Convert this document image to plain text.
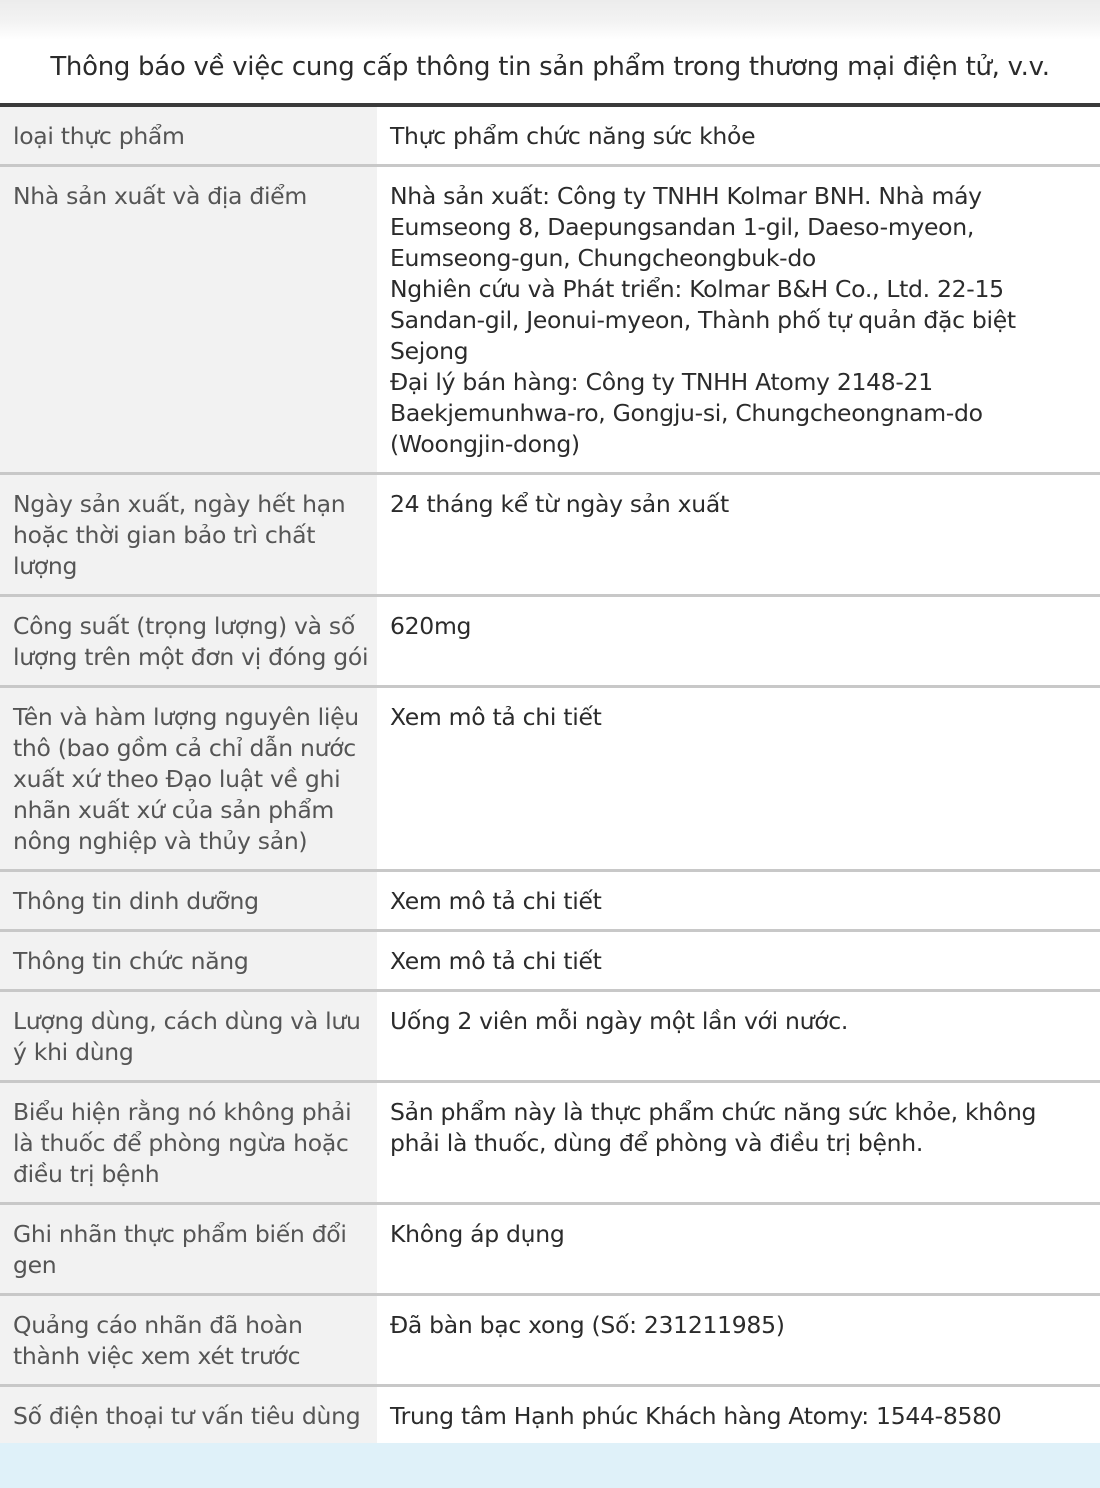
Thông báo về việc cung cấp thông tin sản phẩm trong thương mại điện tử, v.v.
loại thực phẩm	Thực phẩm chức năng sức khỏe
Nhà sản xuất và địa điểm	Nhà sản xuất: Công ty TNHH Kolmar BNH. Nhà máy Eumseong 8, Daepungsandan 1-gil, Daeso-myeon, Eumseong-gun, Chungcheongbuk-do
Nghiên cứu và Phát triển: Kolmar B&H Co., Ltd. 22-15 Sandan-gil, Jeonui-myeon, Thành phố tự quản đặc biệt Sejong
Đại lý bán hàng: Công ty TNHH Atomy 2148-21 Baekjemunhwa-ro, Gongju-si, Chungcheongnam-do (Woongjin-dong)
Ngày sản xuất, ngày hết hạn hoặc thời gian bảo trì chất lượng	24 tháng kể từ ngày sản xuất
Công suất (trọng lượng) và số lượng trên một đơn vị đóng gói	620mg
Tên và hàm lượng nguyên liệu thô (bao gồm cả chỉ dẫn nước xuất xứ theo Đạo luật về ghi nhãn xuất xứ của sản phẩm nông nghiệp và thủy sản)	Xem mô tả chi tiết
Thông tin dinh dưỡng	Xem mô tả chi tiết
Thông tin chức năng	Xem mô tả chi tiết
Lượng dùng, cách dùng và lưu ý khi dùng	Uống 2 viên mỗi ngày một lần với nước.
Biểu hiện rằng nó không phải là thuốc để phòng ngừa hoặc điều trị bệnh	Sản phẩm này là thực phẩm chức năng sức khỏe, không phải là thuốc, dùng để phòng và điều trị bệnh.
Ghi nhãn thực phẩm biến đổi gen	Không áp dụng
Quảng cáo nhãn đã hoàn thành việc xem xét trước	Đã bàn bạc xong (Số: 231211985)
Số điện thoại tư vấn tiêu dùng	Trung tâm Hạnh phúc Khách hàng Atomy: 1544-8580
